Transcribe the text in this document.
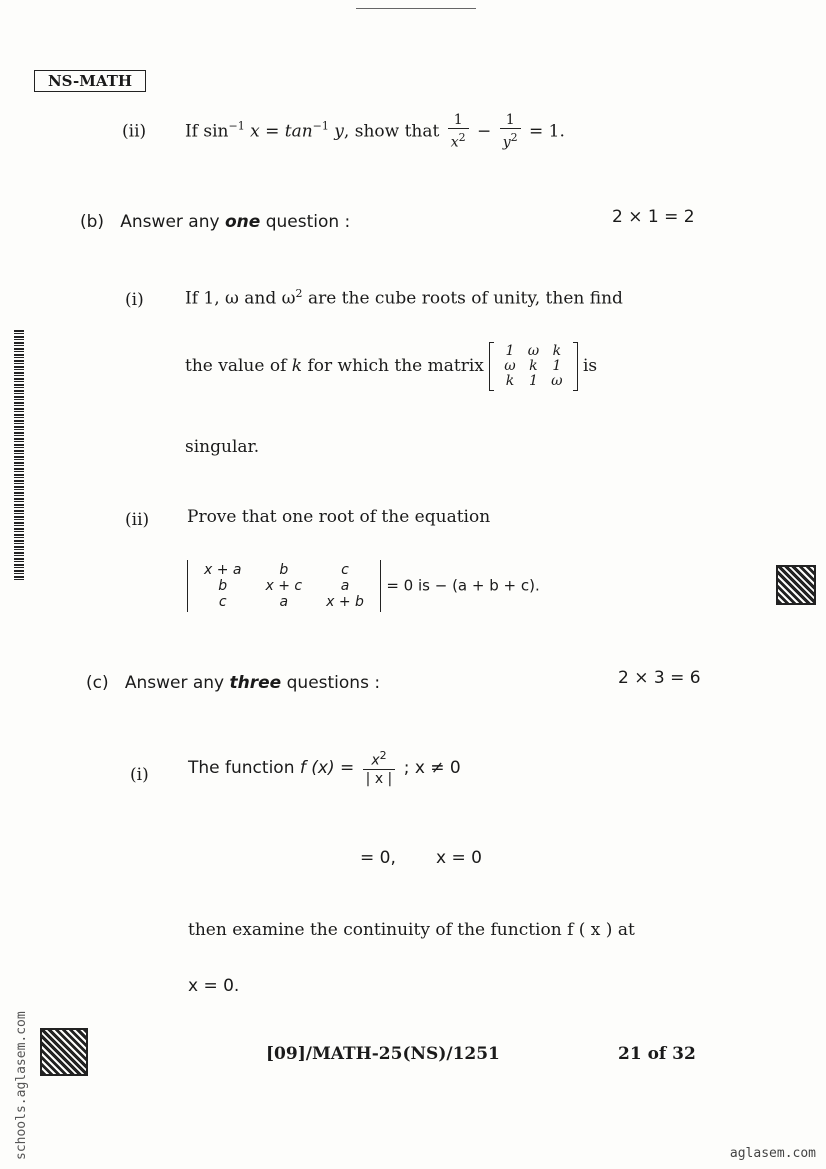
NS-MATH
(ii) If $\sin^{-1} x = \tan^{-1} y$, show that $\frac{1}{x^2} - \frac{1}{y^2} = 1$.
(b) Answer any one question :	2 × 1 = 2
(i) If 1, ω and $\omega^2$ are the cube roots of unity, then find
the value of k for which the matrix
1	ω	k
ω	k	1
k	1	ω
is
singular.
(ii) Prove that one root of the equation
x + a	b	c
b	x + c	a
c	a	x + b
= 0 is − (a + b + c).
(c) Answer any three questions :	2 × 3 = 6
(i) The function f $(x) = \frac{x^2}{| x |}$ ; x ≠ 0
= 0, x = 0
then examine the continuity of the function f ( x ) at
x = 0.
[09]/MATH-25(NS)/1251	21 of 32
schools.aglasem.com	aglasem.com
